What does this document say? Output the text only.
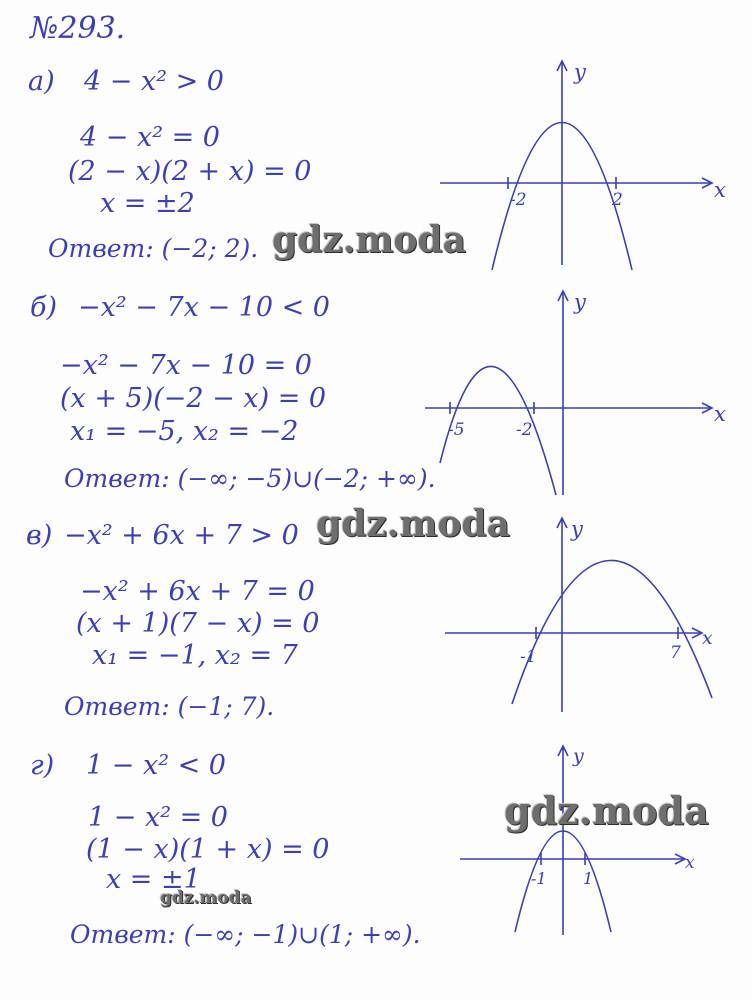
№293.
а) 4 − x² > 0
4 − x² = 0
(2 − x)(2 + x) = 0
x = ±2
Ответ: (−2; 2).
-2	2	x
y
gdz.moda
б) −x² − 7x − 10 < 0
−x² − 7x − 10 = 0
(x + 5)(−2 − x) = 0
x₁ = −5, x₂ = −2
Ответ: (−∞; −5)∪(−2; +∞).
-5	-2
x
y
gdz.moda
в) −x² + 6x + 7 > 0
−x² + 6x + 7 = 0
(x + 1)(7 − x) = 0
x₁ = −1, x₂ = 7
Ответ: (−1; 7).
-1	7
x
y
г) 1 − x² < 0
1 − x² = 0
(1 − x)(1 + x) = 0
x = ±1
Ответ: (−∞; −1)∪(1; +∞).
-1 1
x
y
gdz.moda
gdz.moda
